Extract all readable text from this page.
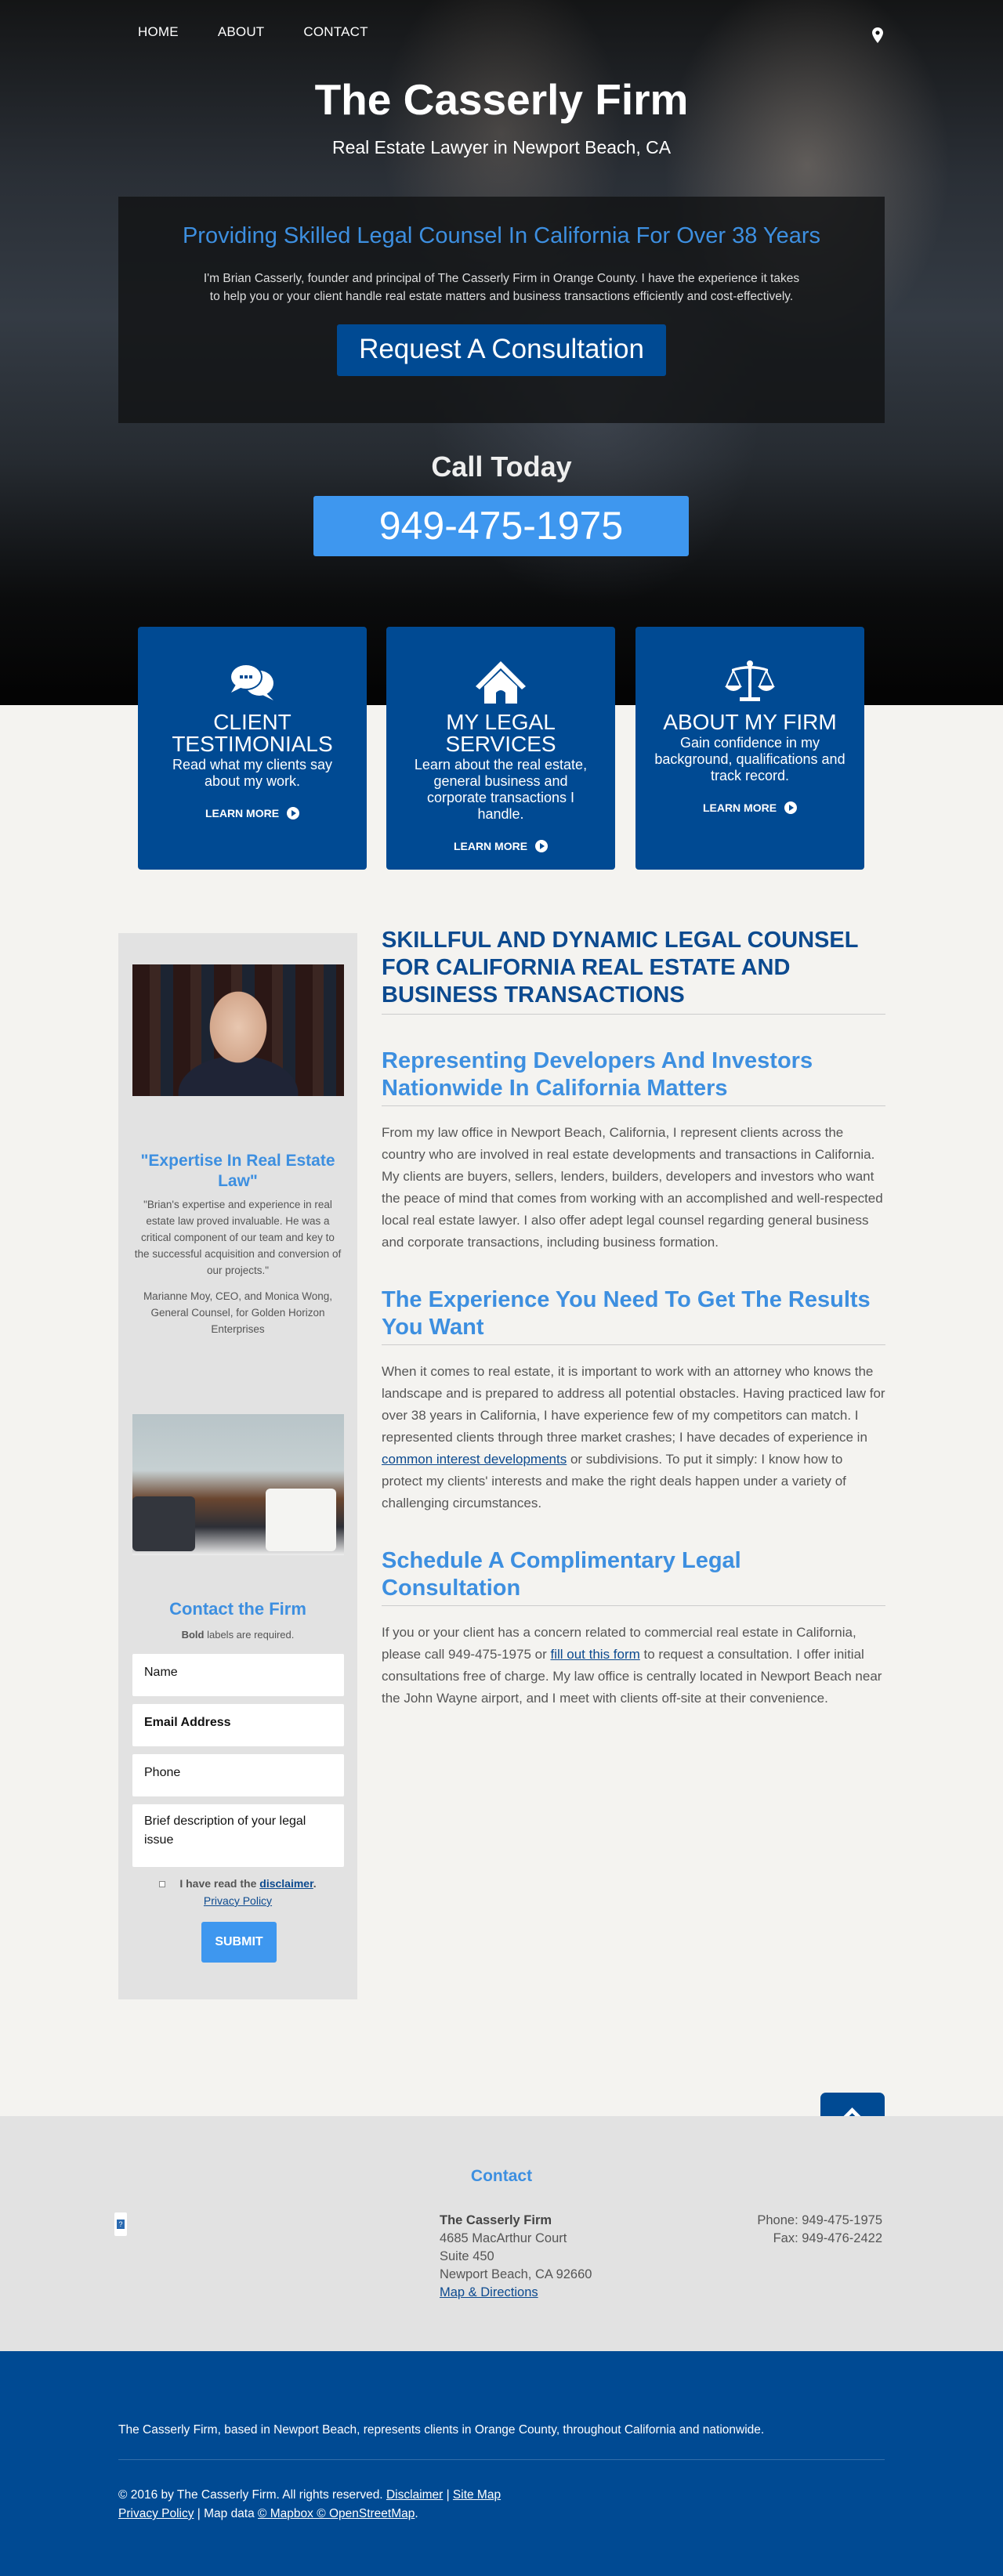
HOME	ABOUT	CONTACT
The Casserly Firm
Real Estate Lawyer in Newport Beach, CA
Providing Skilled Legal Counsel In California For Over 38 Years

I'm Brian Casserly, founder and principal of The Casserly Firm in Orange County. I have the experience it takes to help you or your client handle real estate matters and business transactions efficiently and cost-effectively.

Request A Consultation
Call Today
949-475-1975
CLIENT TESTIMONIALS

Read what my clients say about my work.

LEARN MORE
MY LEGAL SERVICES

Learn about the real estate, general business and corporate transactions I handle.

LEARN MORE
ABOUT MY FIRM

Gain confidence in my background, qualifications and track record.

LEARN MORE
"Expertise In Real Estate Law"
"Brian's expertise and experience in real estate law proved invaluable. He was a critical component of our team and key to the successful acquisition and conversion of our projects."
Marianne Moy, CEO, and Monica Wong, General Counsel, for Golden Horizon Enterprises
Contact the Firm
Bold labels are required.
Name
Email Address
Phone
Brief description of your legal issue
I have read the disclaimer.
Privacy Policy
SUBMIT
SKILLFUL AND DYNAMIC LEGAL COUNSEL FOR CALIFORNIA REAL ESTATE AND BUSINESS TRANSACTIONS
Representing Developers And Investors Nationwide In California Matters

From my law office in Newport Beach, California, I represent clients across the country who are involved in real estate developments and transactions in California. My clients are buyers, sellers, lenders, builders, developers and investors who want the peace of mind that comes from working with an accomplished and well-respected local real estate lawyer. I also offer adept legal counsel regarding general business and corporate transactions, including business formation.

The Experience You Need To Get The Results You Want

When it comes to real estate, it is important to work with an attorney who knows the landscape and is prepared to address all potential obstacles. Having practiced law for over 38 years in California, I have experience few of my competitors can match. I represented clients through three market crashes; I have decades of experience in common interest developments or subdivisions. To put it simply: I know how to protect my clients' interests and make the right deals happen under a variety of challenging circumstances.

Schedule A Complimentary Legal Consultation

If you or your client has a concern related to commercial real estate in California, please call 949-475-1975 or fill out this form to request a consultation. I offer initial consultations free of charge. My law office is centrally located in Newport Beach near the John Wayne airport, and I meet with clients off-site at their convenience.

Contact
?
The Casserly Firm
4685 MacArthur Court
Suite 450
Newport Beach, CA 92660
Map & Directions
Phone: 949-475-1975
Fax: 949-476-2422
The Casserly Firm, based in Newport Beach, represents clients in Orange County, throughout California and nationwide.
© 2016 by The Casserly Firm. All rights reserved. Disclaimer | Site Map
Privacy Policy | Map data © Mapbox © OpenStreetMap.
